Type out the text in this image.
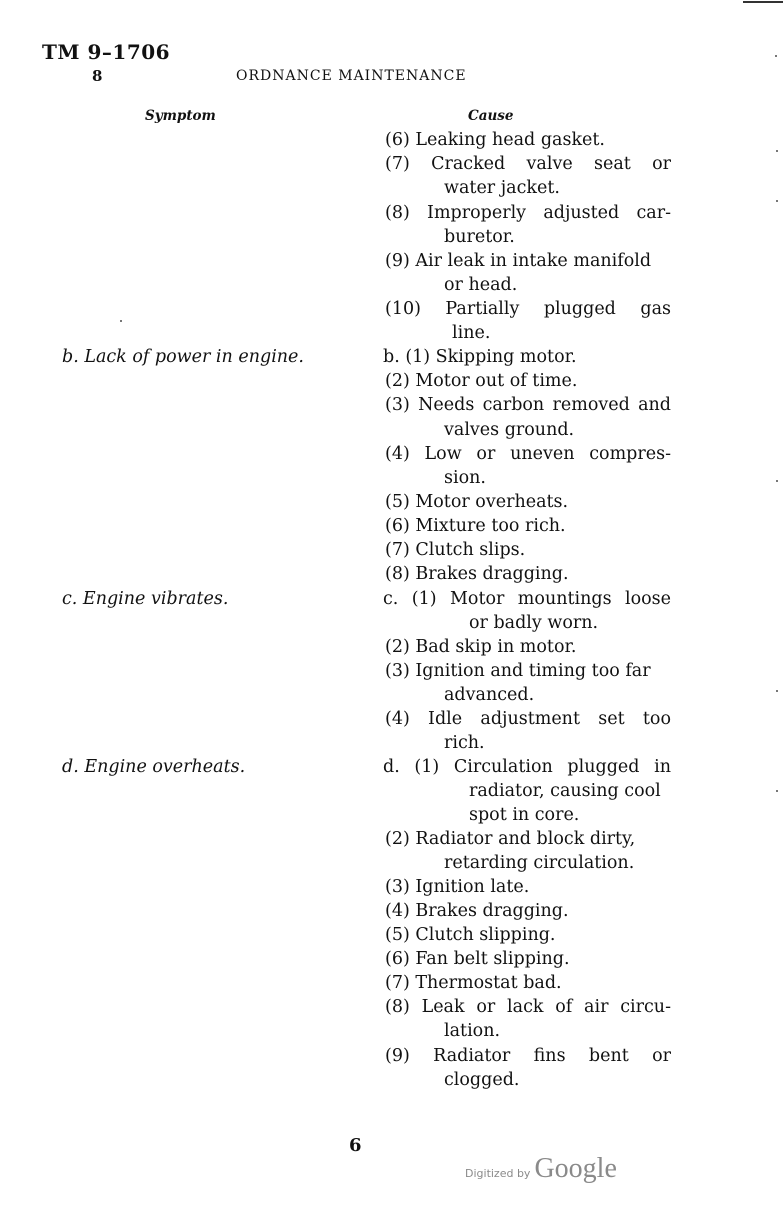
TM 9–1706
8	ORDNANCE MAINTENANCE
Symptom	Cause
b. Lack of power in engine.
c. Engine vibrates.
d. Engine overheats.
(6) Leaking head gasket.
(7) Cracked valve seat or
water jacket.
(8) Improperly adjusted car-
buretor.
(9) Air leak in intake manifold
or head.
(10) Partially plugged gas
line.
b. (1) Skipping motor.
(2) Motor out of time.
(3) Needs carbon removed and
valves ground.
(4) Low or uneven compres-
sion.
(5) Motor overheats.
(6) Mixture too rich.
(7) Clutch slips.
(8) Brakes dragging.
c. (1) Motor mountings loose
or badly worn.
(2) Bad skip in motor.
(3) Ignition and timing too far
advanced.
(4) Idle adjustment set too
rich.
d. (1) Circulation plugged in
radiator, causing cool
spot in core.
(2) Radiator and block dirty,
retarding circulation.
(3) Ignition late.
(4) Brakes dragging.
(5) Clutch slipping.
(6) Fan belt slipping.
(7) Thermostat bad.
(8) Leak or lack of air circu-
lation.
(9) Radiator fins bent or
clogged.
6
Digitized by Google
